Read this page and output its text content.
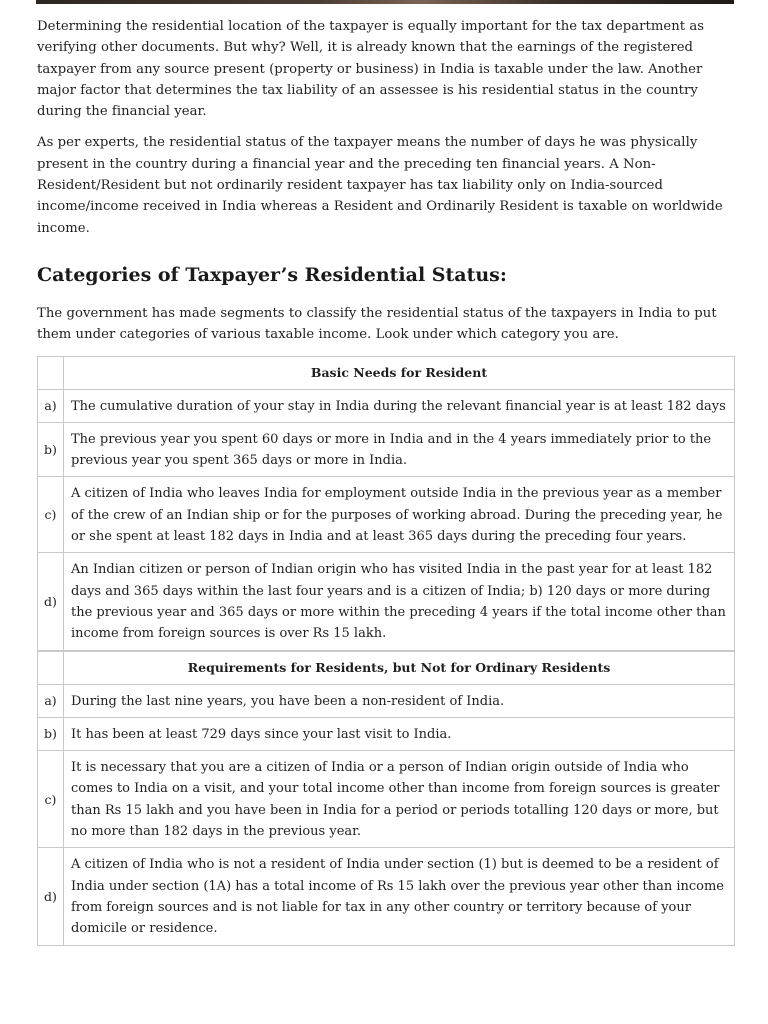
Determining the residential location of the taxpayer is equally important for the tax department as verifying other documents. But why? Well, it is already known that the earnings of the registered taxpayer from any source present (property or business) in India is taxable under the law. Another major factor that determines the tax liability of an assessee is his residential status in the country during the financial year.

As per experts, the residential status of the taxpayer means the number of days he was physically present in the country during a financial year and the preceding ten financial years. A Non-Resident/Resident but not ordinarily resident taxpayer has tax liability only on India-sourced income/income received in India whereas a Resident and Ordinarily Resident is taxable on worldwide income.

Categories of Taxpayer’s Residential Status:

The government has made segments to classify the residential status of the taxpayers in India to put them under categories of various taxable income. Look under which category you are.

	Basic Needs for Resident
a)	The cumulative duration of your stay in India during the relevant financial year is at least 182 days
b)	The previous year you spent 60 days or more in India and in the 4 years immediately prior to the previous year you spent 365 days or more in India.
c)	A citizen of India who leaves India for employment outside India in the previous year as a member of the crew of an Indian ship or for the purposes of working abroad. During the preceding year, he or she spent at least 182 days in India and at least 365 days during the preceding four years.
d)	An Indian citizen or person of Indian origin who has visited India in the past year for at least 182 days and 365 days within the last four years and is a citizen of India; b) 120 days or more during the previous year and 365 days or more within the preceding 4 years if the total income other than income from foreign sources is over Rs 15 lakh.
	Requirements for Residents, but Not for Ordinary Residents
a)	During the last nine years, you have been a non-resident of India.
b)	It has been at least 729 days since your last visit to India.
c)	It is necessary that you are a citizen of India or a person of Indian origin outside of India who comes to India on a visit, and your total income other than income from foreign sources is greater than Rs 15 lakh and you have been in India for a period or periods totalling 120 days or more, but no more than 182 days in the previous year.
d)	A citizen of India who is not a resident of India under section (1) but is deemed to be a resident of India under section (1A) has a total income of Rs 15 lakh over the previous year other than income from foreign sources and is not liable for tax in any other country or territory because of your domicile or residence.
